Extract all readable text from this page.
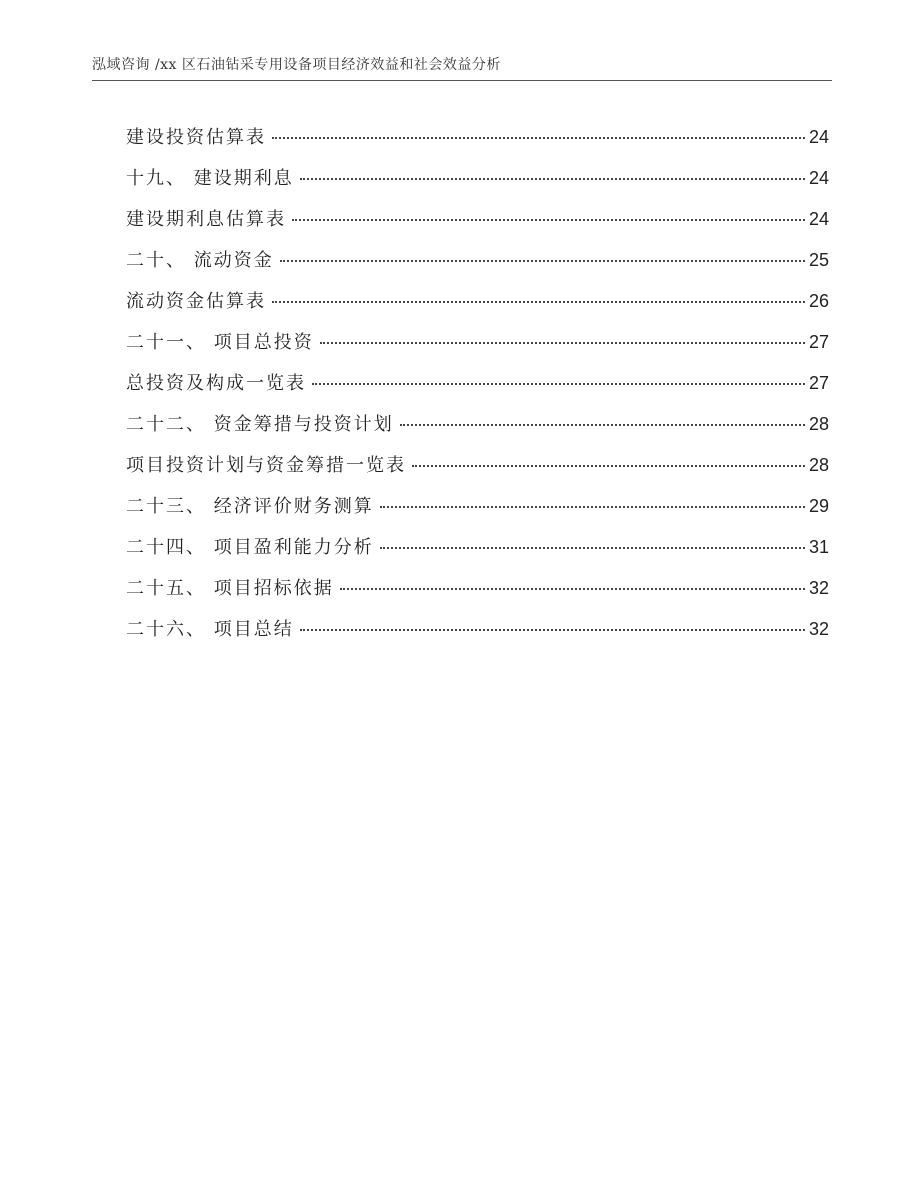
泓域咨询 /xx 区石油钻采专用设备项目经济效益和社会效益分析
建设投资估算表	24
十九、 建设期利息	24
建设期利息估算表	24
二十、 流动资金	25
流动资金估算表	26
二十一、 项目总投资	27
总投资及构成一览表	27
二十二、 资金筹措与投资计划	28
项目投资计划与资金筹措一览表	28
二十三、 经济评价财务测算	29
二十四、 项目盈利能力分析	31
二十五、 项目招标依据	32
二十六、 项目总结	32
